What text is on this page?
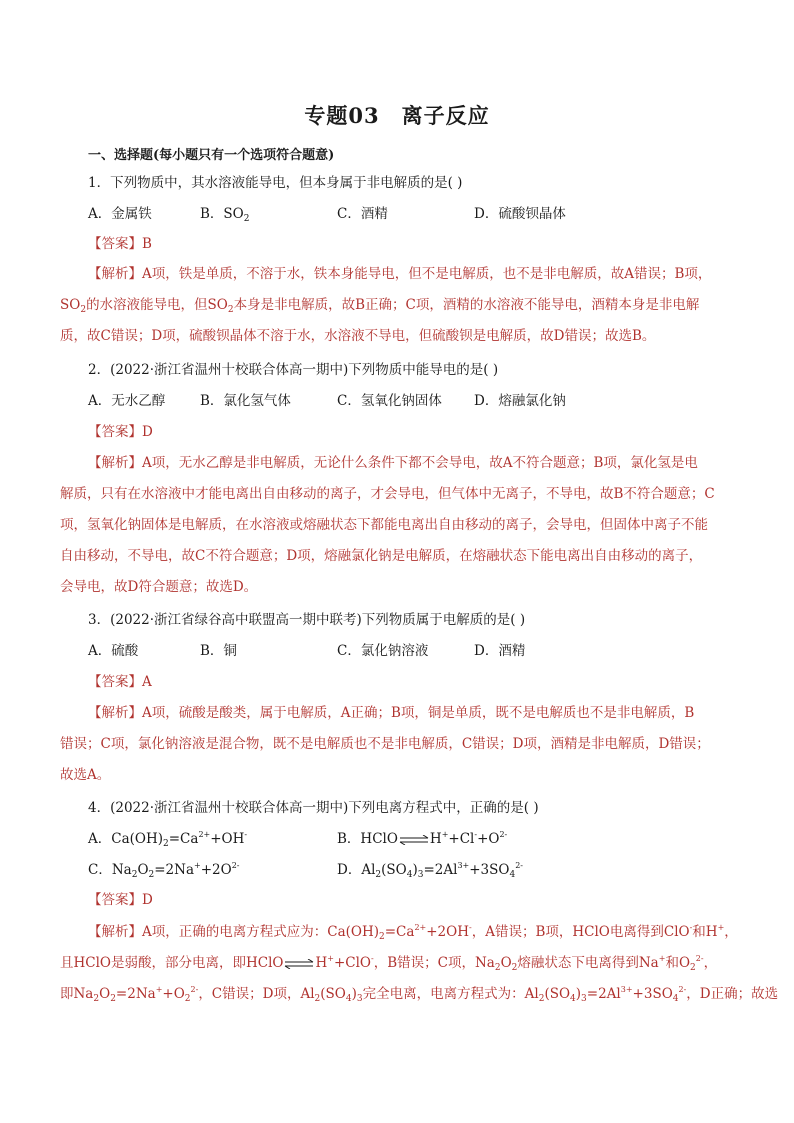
专题03 离子反应
一、选择题(每小题只有一个选项符合题意)
1．下列物质中，其水溶液能导电，但本身属于非电解质的是( )
A．金属铁	B．$SO_2$	C．酒精	D．硫酸钡晶体
【答案】B
【解析】A项，铁是单质，不溶于水，铁本身能导电，但不是电解质，也不是非电解质，故A错误；B项，
$SO_2$的水溶液能导电，但$SO_2$本身是非电解质，故B正确；C项，酒精的水溶液不能导电，酒精本身是非电解
质，故C错误；D项，硫酸钡晶体不溶于水，水溶液不导电，但硫酸钡是电解质，故D错误；故选B。
2．(2022·浙江省温州十校联合体高一期中)下列物质中能导电的是( )
A．无水乙醇	B．氯化氢气体	C．氢氧化钠固体 D．熔融氯化钠
【答案】D
【解析】A项，无水乙醇是非电解质，无论什么条件下都不会导电，故A不符合题意；B项，氯化氢是电
解质，只有在水溶液中才能电离出自由移动的离子，才会导电，但气体中无离子，不导电，故B不符合题意；C
项，氢氧化钠固体是电解质，在水溶液或熔融状态下都能电离出自由移动的离子，会导电，但固体中离子不能
自由移动，不导电，故C不符合题意；D项，熔融氯化钠是电解质，在熔融状态下能电离出自由移动的离子，
会导电，故D符合题意；故选D。
3．(2022·浙江省绿谷高中联盟高一期中联考)下列物质属于电解质的是( )
A．硫酸	B．铜	C．氯化钠溶液	D．酒精
【答案】A
【解析】A项，硫酸是酸类，属于电解质，A正确；B项，铜是单质，既不是电解质也不是非电解质，B
错误；C项，氯化钠溶液是混合物，既不是电解质也不是非电解质，C错误；D项，酒精是非电解质，D错误；
故选A。
4．(2022·浙江省温州十校联合体高一期中)下列电离方程式中，正确的是( )
A．$Ca(OH)_2=Ca^{2+}+OH^-$	B．$HClO\rightleftharpoons H^++Cl^-+O^{2-}$
C．$Na_2O_2=2Na^++2O^{2-}$	D．$Al_2(SO_4)_3=2Al^{3+}+3SO_4^{2-}$
【答案】D
【解析】A项，正确的电离方程式应为：$Ca(OH)_2=Ca^{2+}+2OH^-$，A错误；B项，HClO电离得到ClO-和H+，
且HClO是弱酸，部分电离，即HClO⇌H++ClO-，B错误；C项，$Na_2O_2$熔融状态下电离得到Na+和$O_2^{2-}$，
即$Na_2O_2=2Na^++O_2^{2-}$，C错误；D项，$Al_2(SO_4)_3$完全电离，电离方程式为：$Al_2(SO_4)_3=2Al^{3+}+3SO_4^{2-}$，D正确；故选
